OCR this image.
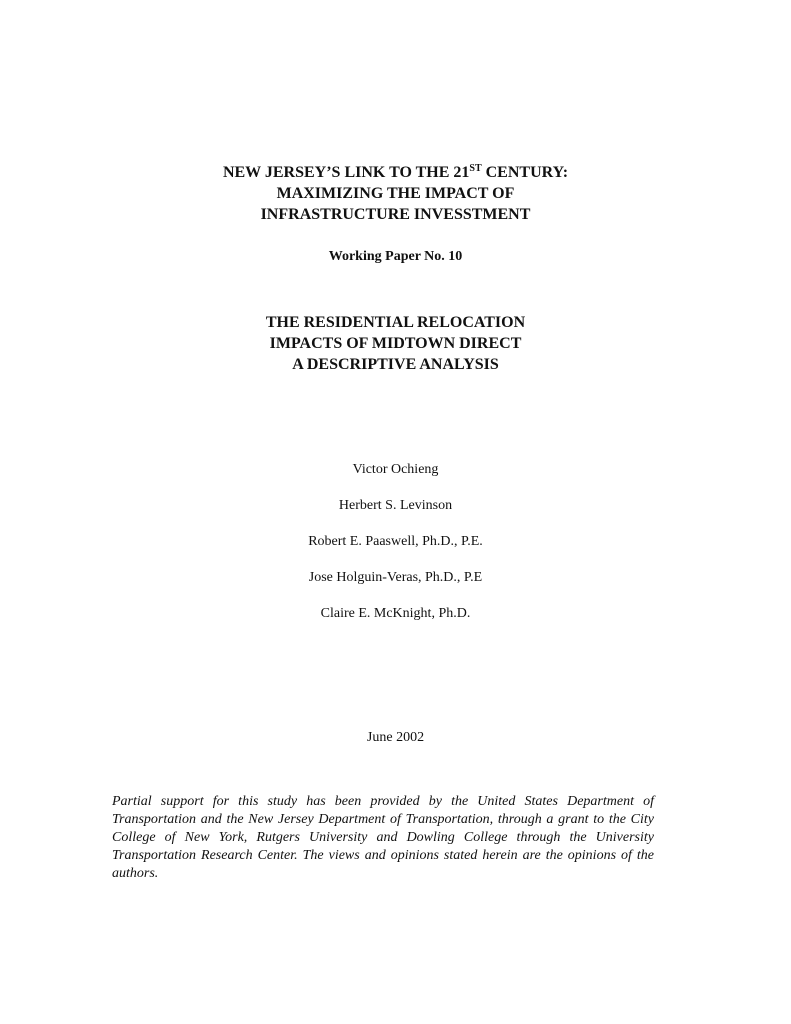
NEW JERSEY’S LINK TO THE 21ST CENTURY:
MAXIMIZING THE IMPACT OF
INFRASTRUCTURE INVESSTMENT
Working Paper No. 10
THE RESIDENTIAL RELOCATION
IMPACTS OF MIDTOWN DIRECT
A DESCRIPTIVE ANALYSIS
Victor Ochieng
Herbert S. Levinson
Robert E. Paaswell, Ph.D., P.E.
Jose Holguin-Veras, Ph.D., P.E
Claire E. McKnight, Ph.D.
June 2002
Partial support for this study has been provided by the United States Department of Transportation and the New Jersey Department of Transportation, through a grant to the City College of New York, Rutgers University and Dowling College through the University Transportation Research Center. The views and opinions stated herein are the opinions of the authors.
